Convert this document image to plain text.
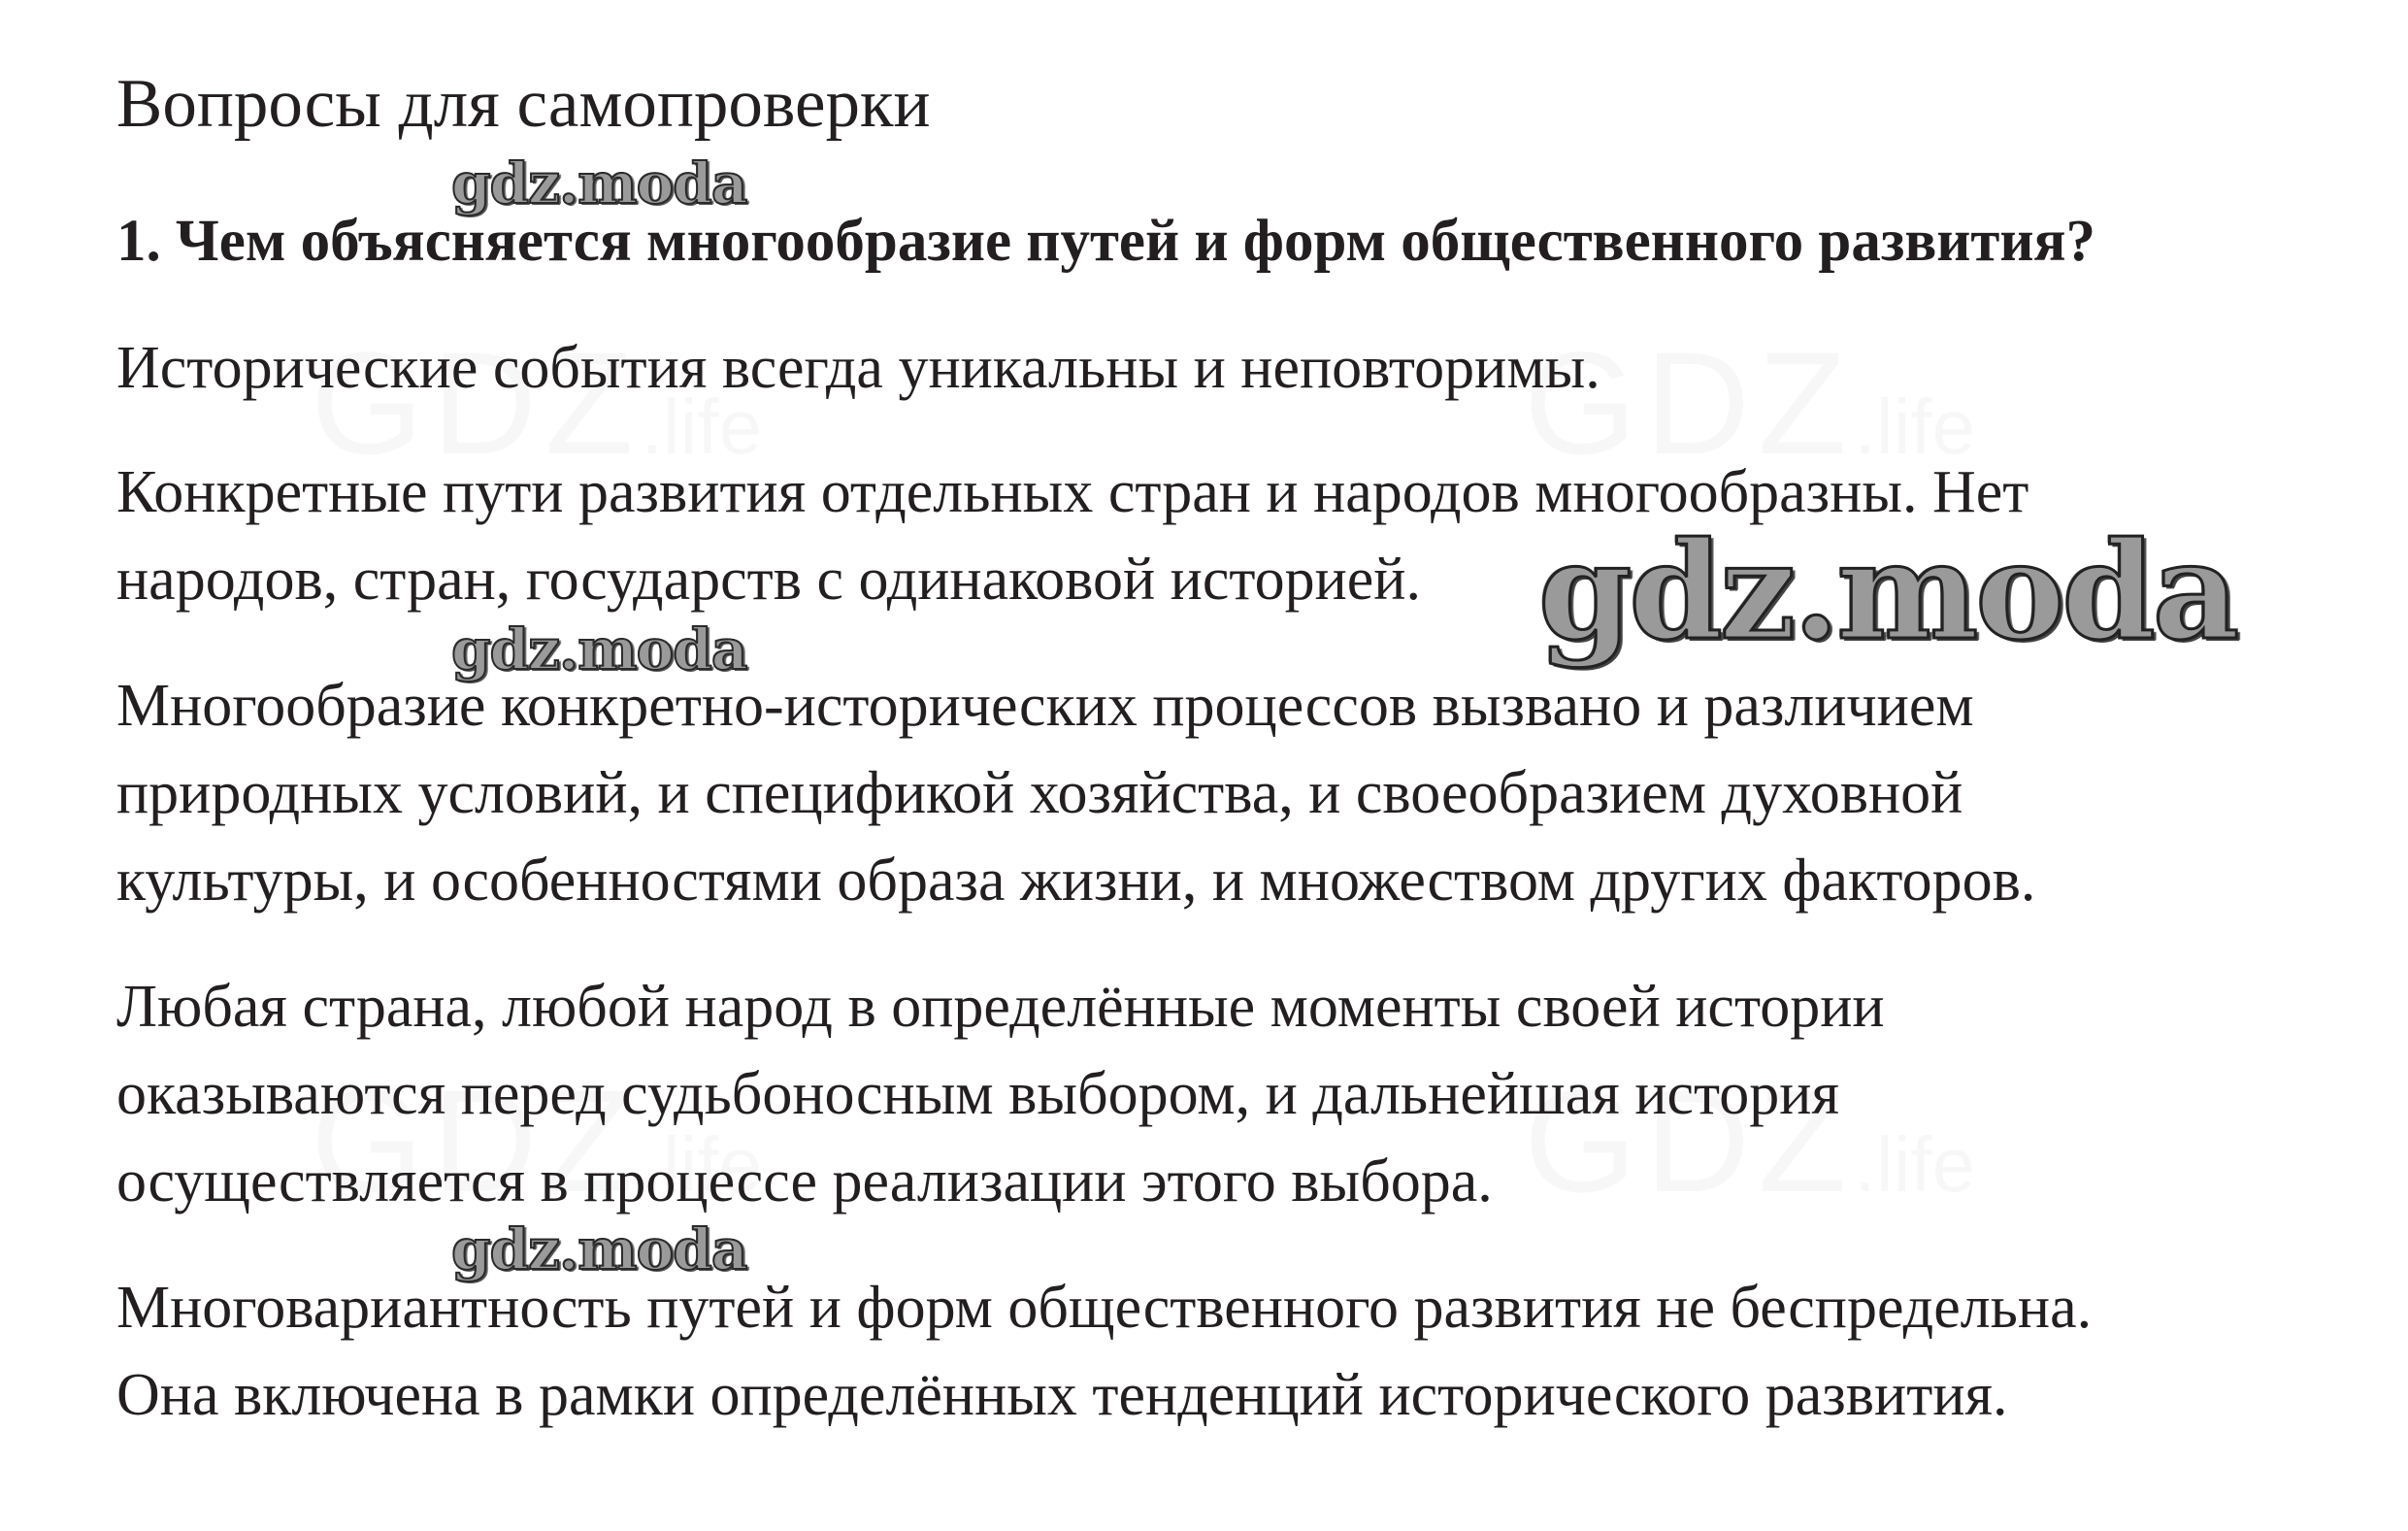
Вопросы для самопроверки
1. Чем объясняется многообразие путей и форм общественного развития?
Исторические события всегда уникальны и неповторимы.
Конкретные пути развития отдельных стран и народов многообразны. Нет
народов, стран, государств с одинаковой историей.
Многообразие конкретно-исторических процессов вызвано и различием
природных условий, и спецификой хозяйства, и своеобразием духовной
культуры, и особенностями образа жизни, и множеством других факторов.
Любая страна, любой народ в определённые моменты своей истории
оказываются перед судьбоносным выбором, и дальнейшая история
осуществляется в процессе реализации этого выбора.
Многовариантность путей и форм общественного развития не беспредельна.
Она включена в рамки определённых тенденций исторического развития.
gdz.moda
gdz.moda
gdz.moda
gdz.moda
